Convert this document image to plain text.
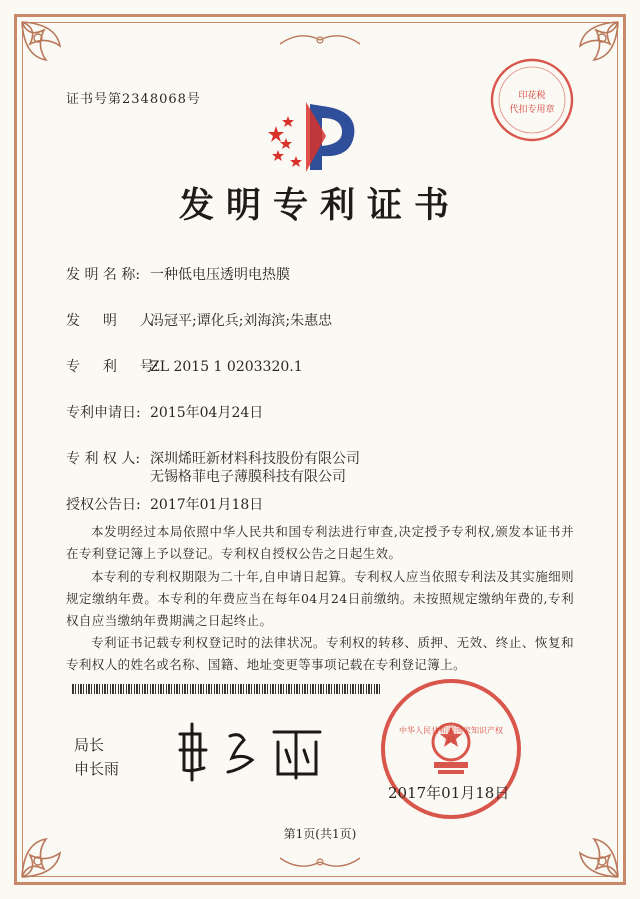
证书号第2348068号	印花税
代扣专用章
发明专利证书
发 明 名 称: 一种低电压透明电热膜
发 　 明 　 人:冯冠平;谭化兵;刘海滨;朱惠忠
专 　 利 　 号:ZL 2015 1 0203320.1
专利申请日: 2015年04月24日
专 利 权 人: 深圳烯旺新材料科技股份有限公司
无锡格菲电子薄膜科技有限公司
授权公告日: 2017年01月18日
本发明经过本局依照中华人民共和国专利法进行审查,决定授予专利权,颁发本证书并在专利登记簿上予以登记。专利权自授权公告之日起生效。
本专利的专利权期限为二十年,自申请日起算。专利权人应当依照专利法及其实施细则规定缴纳年费。本专利的年费应当在每年04月24日前缴纳。未按照规定缴纳年费的,专利权自应当缴纳年费期满之日起终止。
专利证书记载专利权登记时的法律状况。专利权的转移、质押、无效、终止、恢复和专利权人的姓名或名称、国籍、地址变更等事项记载在专利登记簿上。
局长
申长雨
中华人民共和国国家知识产权局
2017年01月18日
第1页(共1页)
